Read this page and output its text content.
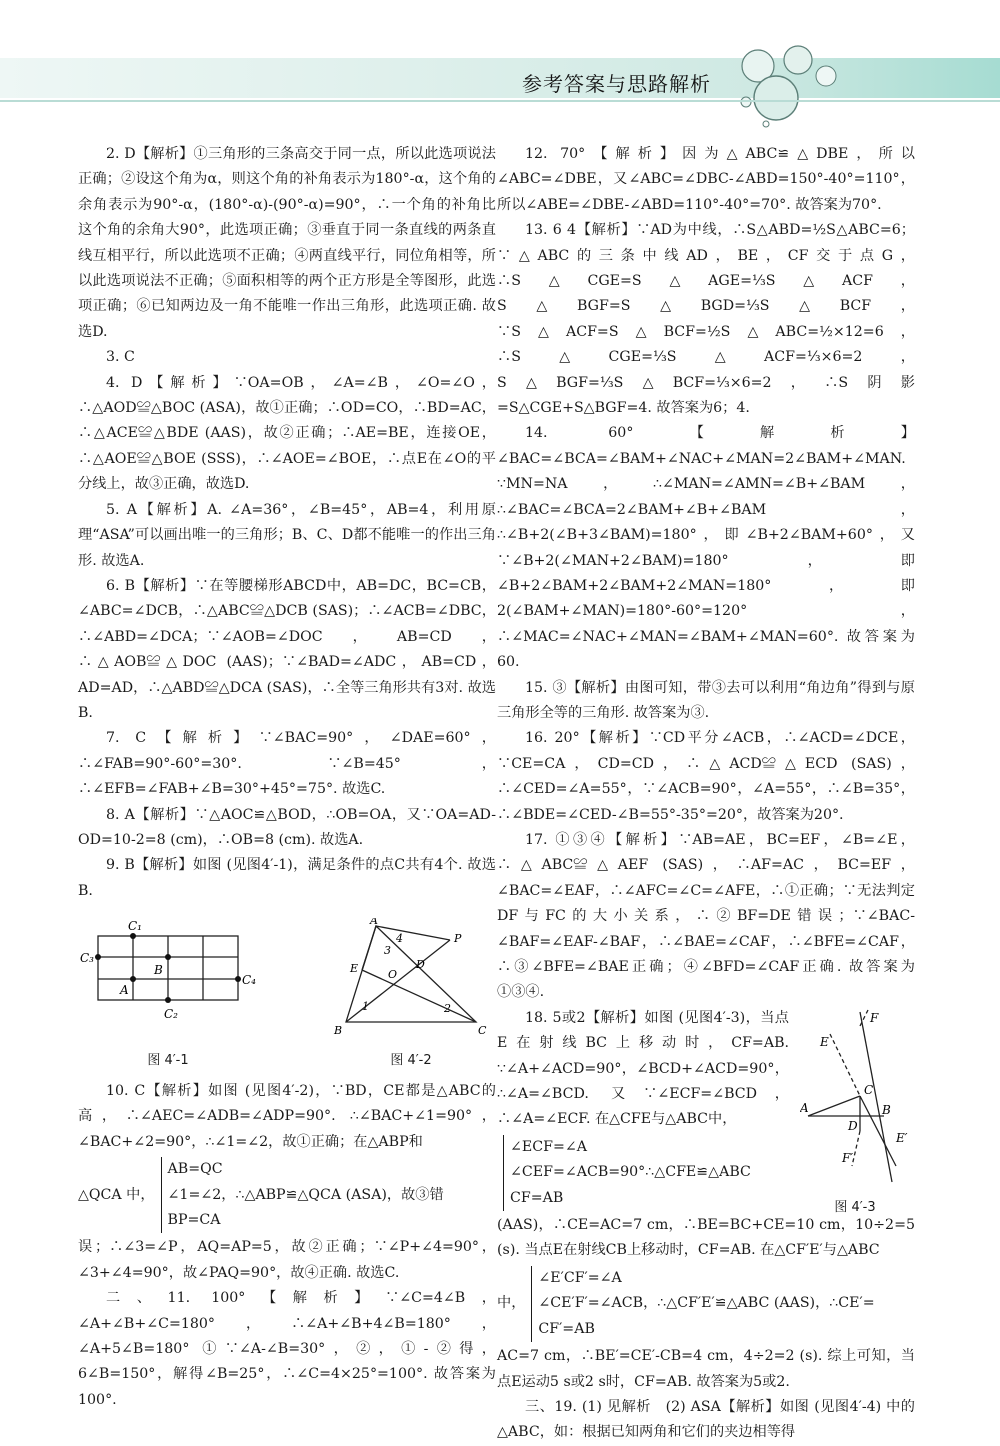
参考答案与思路解析

2. D【解析】①三角形的三条高交于同一点，所以此选项说法正确；②设这个角为α，则这个角的补角表示为180°-α，这个角的余角表示为90°-α，(180°-α)-(90°-α)=90°，∴一个角的补角比这个角的余角大90°，此选项正确；③垂直于同一条直线的两条直线互相平行，所以此选项不正确；④两直线平行，同位角相等，所以此选项说法不正确；⑤面积相等的两个正方形是全等图形，此选项正确；⑥已知两边及一角不能唯一作出三角形，此选项正确. 故选D.

3. C

4. D【解析】∵OA=OB，∠A=∠B，∠O=∠O，∴△AOD≌△BOC (ASA)，故①正确；∴OD=CO，∴BD=AC，∴△ACE≌△BDE (AAS)，故②正确；∴AE=BE，连接OE，∴△AOE≌△BOE (SSS)，∴∠AOE=∠BOE，∴点E在∠O的平分线上，故③正确，故选D.

5. A【解析】A. ∠A=36°，∠B=45°，AB=4，利用原理“ASA”可以画出唯一的三角形；B、C、D都不能唯一的作出三角形. 故选A.

6. B【解析】∵在等腰梯形ABCD中，AB=DC，BC=CB，∠ABC=∠DCB，∴△ABC≌△DCB (SAS)；∴∠ACB=∠DBC，∴∠ABD=∠DCA；∵∠AOB=∠DOC，AB=CD，∴△AOB≌△DOC (AAS)；∵∠BAD=∠ADC，AB=CD，AD=AD，∴△ABD≌△DCA (SAS)，∴全等三角形共有3对. 故选B.

7. C【解析】∵∠BAC=90°，∠DAE=60°，∴∠FAB=90°-60°=30°. ∵∠B=45°，∴∠EFB=∠FAB+∠B=30°+45°=75°. 故选C.

8. A【解析】∵△AOC≌△BOD，∴OB=OA，又∵OA=AD-OD=10-2=8 (cm)，∴OB=8 (cm). 故选A.

9. B【解析】如图 (见图4′-1)，满足条件的点C共有4个. 故选B.

C₁
C₃
B
A
C₄
C₂
图 4′-1
A
4	P
3
E	D
O
1	2
B	C
图 4′-2

10. C【解析】如图 (见图4′-2)，∵BD，CE都是△ABC的高，∴∠AEC=∠ADB=∠ADP=90°. ∴∠BAC+∠1=90°，∠BAC+∠2=90°，∴∠1=∠2，故①正确；在△ABP和

△QCA 中，
AB=QC
∠1=∠2，
BP=CA
∴△ABP≌△QCA (ASA)，故③错

误；∴∠3=∠P，AQ=AP=5，故②正确；∵∠P+∠4=90°，∠3+∠4=90°，故∠PAQ=90°，故④正确. 故选C.

二、11. 100°【解析】∵∠C=4∠B，∠A+∠B+∠C=180°，∴∠A+∠B+4∠B=180°，∠A+5∠B=180° ①∵∠A-∠B=30°，②，①-②得，6∠B=150°，解得∠B=25°，∴∠C=4×25°=100°. 故答案为100°.

12. 70°【解析】因为△ABC≌△DBE，所以∠ABC=∠DBE，又∠ABC=∠DBC-∠ABD=150°-40°=110°，所以∠ABE=∠DBE-∠ABD=110°-40°=70°. 故答案为70°.

13. 6 4【解析】∵AD为中线，∴S△ABD=½S△ABC=6；∵△ABC的三条中线AD，BE，CF交于点G，∴S△CGE=S△AGE=⅓S△ACF，S△BGF=S△BGD=⅓S△BCF，∵S△ACF=S△BCF=½S△ABC=½×12=6，∴S△CGE=⅓S△ACF=⅓×6=2，S△BGF=⅓S△BCF=⅓×6=2，∴S阴影=S△CGE+S△BGF=4. 故答案为6；4.

14. 60°【解析】∠BAC=∠BCA=∠BAM+∠NAC+∠MAN=2∠BAM+∠MAN. ∵MN=NA，∴∠MAN=∠AMN=∠B+∠BAM，∴∠BAC=∠BCA=2∠BAM+∠B+∠BAM，∴∠B+2(∠B+3∠BAM)=180°，即∠B+2∠BAM+60°，又∵∠B+2(∠MAN+2∠BAM)=180°，即∠B+2∠BAM+2∠BAM+2∠MAN=180°，即2(∠BAM+∠MAN)=180°-60°=120°，∴∠MAC=∠NAC+∠MAN=∠BAM+∠MAN=60°. 故答案为60.

15. ③【解析】由图可知，带③去可以利用“角边角”得到与原三角形全等的三角形. 故答案为③.

16. 20°【解析】∵CD平分∠ACB，∴∠ACD=∠DCE，∵CE=CA，CD=CD，∴△ACD≌△ECD (SAS)，∴∠CED=∠A=55°，∵∠ACB=90°，∠A=55°，∴∠B=35°，∴∠BDE=∠CED-∠B=55°-35°=20°，故答案为20°.

17. ①③④【解析】∵AB=AE，BC=EF，∠B=∠E，∴△ABC≌△AEF (SAS)，∴AF=AC，BC=EF，∠BAC=∠EAF，∴∠AFC=∠C=∠AFE，∴①正确；∵无法判定DF与FC的大小关系，∴②BF=DE错误；∵∠BAC-∠BAF=∠EAF-∠BAF，∴∠BAE=∠CAF，∴∠BFE=∠CAF，∴③∠BFE=∠BAE正确；④∠BFD=∠CAF正确. 故答案为①③④.

F
E
C
A
D
B
E′
F′
图 4′-3

18. 5或2【解析】如图 (见图4′-3)，当点E在射线BC上移动时，CF=AB. ∵∠A+∠ACD=90°，∠BCD+∠ACD=90°，∴∠A=∠BCD. 又∵∠ECF=∠BCD，∴∠A=∠ECF. 在△CFE与△ABC中，

∠ECF=∠A
∠CEF=∠ACB=90°
CF=AB
∴△CFE≌△ABC

(AAS)，∴CE=AC=7 cm，∴BE=BC+CE=10 cm，10÷2=5 (s). 当点E在射线CB上移动时，CF=AB. 在△CF′E′与△ABC

中，
∠E′CF′=∠A
∠CE′F′=∠ACB，
CF′=AB
∴△CF′E′≌△ABC (AAS)，∴CE′=

AC=7 cm，∴BE′=CE′-CB=4 cm，4÷2=2 (s). 综上可知，当点E运动5 s或2 s时，CF=AB. 故答案为5或2.

三、19. (1) 见解析　(2) ASA【解析】如图 (见图4′-4) 中的△ABC，如：根据已知两角和它们的夹边相等得
